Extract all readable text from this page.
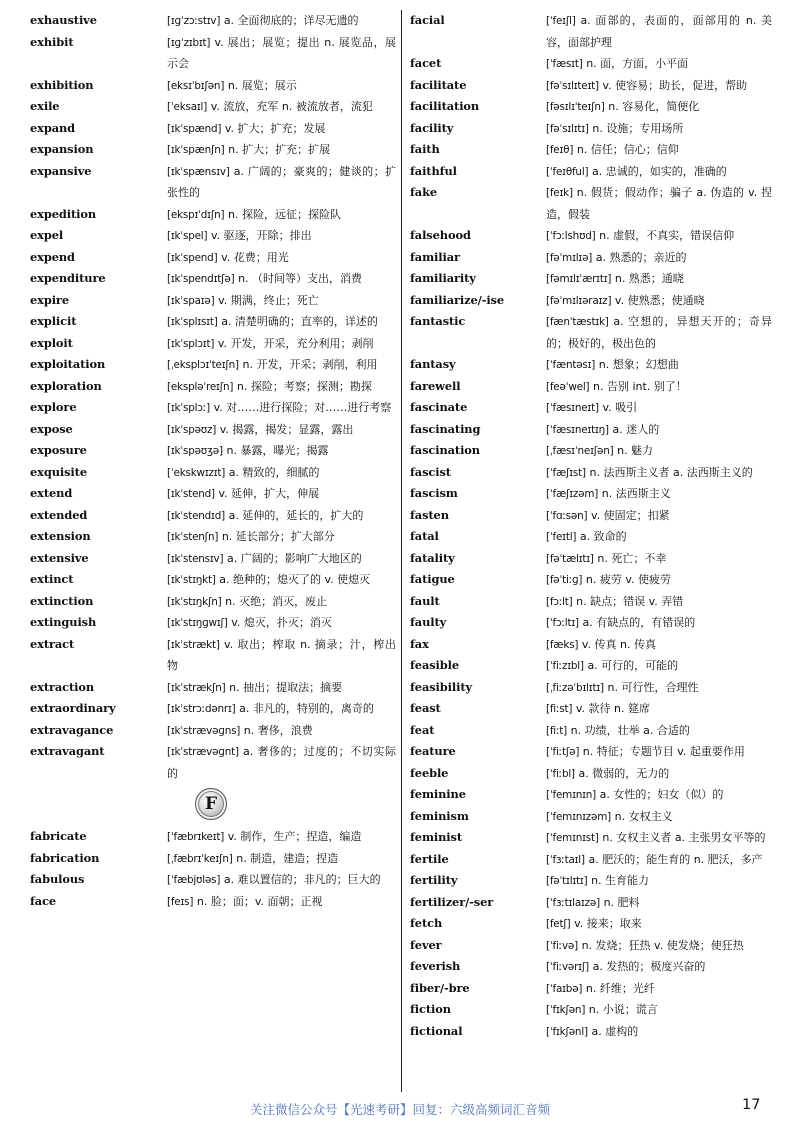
exhaustive	[ɪɡˈzɔːstɪv] a. 全面彻底的；详尽无遗的
exhibit	[ɪɡˈzɪbɪt] v. 展出；展览；提出 n. 展览品，展示会
exhibition	[eksɪˈbɪʃən] n. 展览；展示
exile	[ˈeksaɪl] v. 流放，充军 n. 被流放者，流犯
expand	[ɪkˈspænd] v. 扩大；扩充；发展
expansion	[ɪkˈspænʃn] n. 扩大；扩充；扩展
expansive	[ɪkˈspænsɪv] a. 广阔的；豪爽的；健谈的；扩张性的
expedition	[ekspɪˈdɪʃn] n. 探险，远征；探险队
expel	[ɪkˈspel] v. 驱逐，开除；排出
expend	[ɪkˈspend] v. 花费；用光
expenditure	[ɪkˈspendɪtʃə] n. （时间等）支出，消费
expire	[ɪkˈspaɪə] v. 期满，终止；死亡
explicit	[ɪkˈsplɪsɪt] a. 清楚明确的；直率的，详述的
exploit	[ɪkˈsplɔɪt] v. 开发，开采，充分利用；剥削
exploitation	[ˌeksplɔɪˈteɪʃn] n. 开发，开采；剥削，利用
exploration	[ekspləˈreɪʃn] n. 探险；考察；探测；勘探
explore	[ɪkˈsplɔː] v. 对……进行探险；对……进行考察
expose	[ɪkˈspəʊz] v. 揭露，揭发；显露，露出
exposure	[ɪkˈspəʊʒə] n. 暴露，曝光；揭露
exquisite	[ˈekskwɪzɪt] a. 精致的，细腻的
extend	[ɪkˈstend] v. 延伸，扩大，伸展
extended	[ɪkˈstendɪd] a. 延伸的，延长的，扩大的
extension	[ɪkˈstenʃn] n. 延长部分；扩大部分
extensive	[ɪkˈstensɪv] a. 广阔的；影响广大地区的
extinct	[ɪkˈstɪŋkt] a. 绝种的；熄灭了的 v. 使熄灭
extinction	[ɪkˈstɪŋkʃn] n. 灭绝；消灭，废止
extinguish	[ɪkˈstɪŋɡwɪʃ] v. 熄灭，扑灭；消灭
extract	[ɪkˈstrækt] v. 取出；榨取 n. 摘录；汁，榨出物
extraction	[ɪkˈstrækʃn] n. 抽出；提取法；摘要
extraordinary	[ɪkˈstrɔːdənrɪ] a. 非凡的，特别的，离奇的
extravagance	[ɪkˈstrævəɡns] n. 奢侈，浪费
extravagant	[ɪkˈstrævəɡnt] a. 奢侈的；过度的；不切实际的
F
fabricate	[ˈfæbrɪkeɪt] v. 制作，生产；捏造，编造
fabrication	[ˌfæbrɪˈkeɪʃn] n. 制造，建造；捏造
fabulous	[ˈfæbjʊləs] a. 难以置信的；非凡的；巨大的
face	[feɪs] n. 脸；面；v. 面朝；正视
facial	[ˈfeɪʃl] a. 面部的，表面的，面部用的 n. 美容，面部护理
facet	[ˈfæsɪt] n. 面，方面，小平面
facilitate	[fəˈsɪlɪteɪt] v. 使容易；助长，促进，帮助
facilitation	[fəsɪlɪˈteɪʃn] n. 容易化，简便化
facility	[fəˈsɪlɪtɪ] n. 设施；专用场所
faith	[feɪθ] n. 信任；信心；信仰
faithful	[ˈfeɪθful] a. 忠诚的，如实的，准确的
fake	[feɪk] n. 假货；假动作；骗子 a. 伪造的 v. 捏造，假装
falsehood	[ˈfɔːlshʊd] n. 虚假，不真实，错误信仰
familiar	[fəˈmɪlɪə] a. 熟悉的；亲近的
familiarity	[fəmɪlɪˈærɪtɪ] n. 熟悉；通晓
familiarize/-ise	[fəˈmɪlɪəraɪz] v. 使熟悉；使通晓
fantastic	[fænˈtæstɪk] a. 空想的，异想天开的；奇异的；极好的，极出色的
fantasy	[ˈfæntəsɪ] n. 想象；幻想曲
farewell	[feəˈwel] n. 告别 int. 别了！
fascinate	[ˈfæsɪneɪt] v. 吸引
fascinating	[ˈfæsɪneɪtɪŋ] a. 迷人的
fascination	[ˌfæsɪˈneɪʃən] n. 魅力
fascist	[ˈfæʃɪst] n. 法西斯主义者 a. 法西斯主义的
fascism	[ˈfæʃɪzəm] n. 法西斯主义
fasten	[ˈfɑːsən] v. 使固定；扣紧
fatal	[ˈfeɪtl] a. 致命的
fatality	[fəˈtælɪtɪ] n. 死亡；不幸
fatigue	[fəˈtiːɡ] n. 疲劳 v. 使疲劳
fault	[fɔːlt] n. 缺点；错误 v. 弄错
faulty	[ˈfɔːltɪ] a. 有缺点的，有错误的
fax	[fæks] v. 传真 n. 传真
feasible	[ˈfiːzɪbl] a. 可行的，可能的
feasibility	[ˌfiːzəˈbɪlɪtɪ] n. 可行性，合理性
feast	[fiːst] v. 款待 n. 筵席
feat	[fiːt] n. 功绩，壮举 a. 合适的
feature	[ˈfiːtʃə] n. 特征；专题节目 v. 起重要作用
feeble	[ˈfiːbl] a. 微弱的，无力的
feminine	[ˈfemɪnɪn] a. 女性的；妇女（似）的
feminism	[ˈfemɪnɪzəm] n. 女权主义
feminist	[ˈfemɪnɪst] n. 女权主义者 a. 主张男女平等的
fertile	[ˈfɜːtaɪl] a. 肥沃的；能生育的 n. 肥沃，多产
fertility	[fəˈtɪlɪtɪ] n. 生育能力
fertilizer/-ser	[ˈfɜːtɪlaɪzə] n. 肥料
fetch	[fetʃ] v. 接来；取来
fever	[ˈfiːvə] n. 发烧；狂热 v. 使发烧；使狂热
feverish	[ˈfiːvərɪʃ] a. 发热的；极度兴奋的
fiber/-bre	[ˈfaɪbə] n. 纤维；光纤
fiction	[ˈfɪkʃən] n. 小说；谎言
fictional	[ˈfɪkʃənl] a. 虚构的
关注微信公众号【光速考研】回复：六级高频词汇音频	17
